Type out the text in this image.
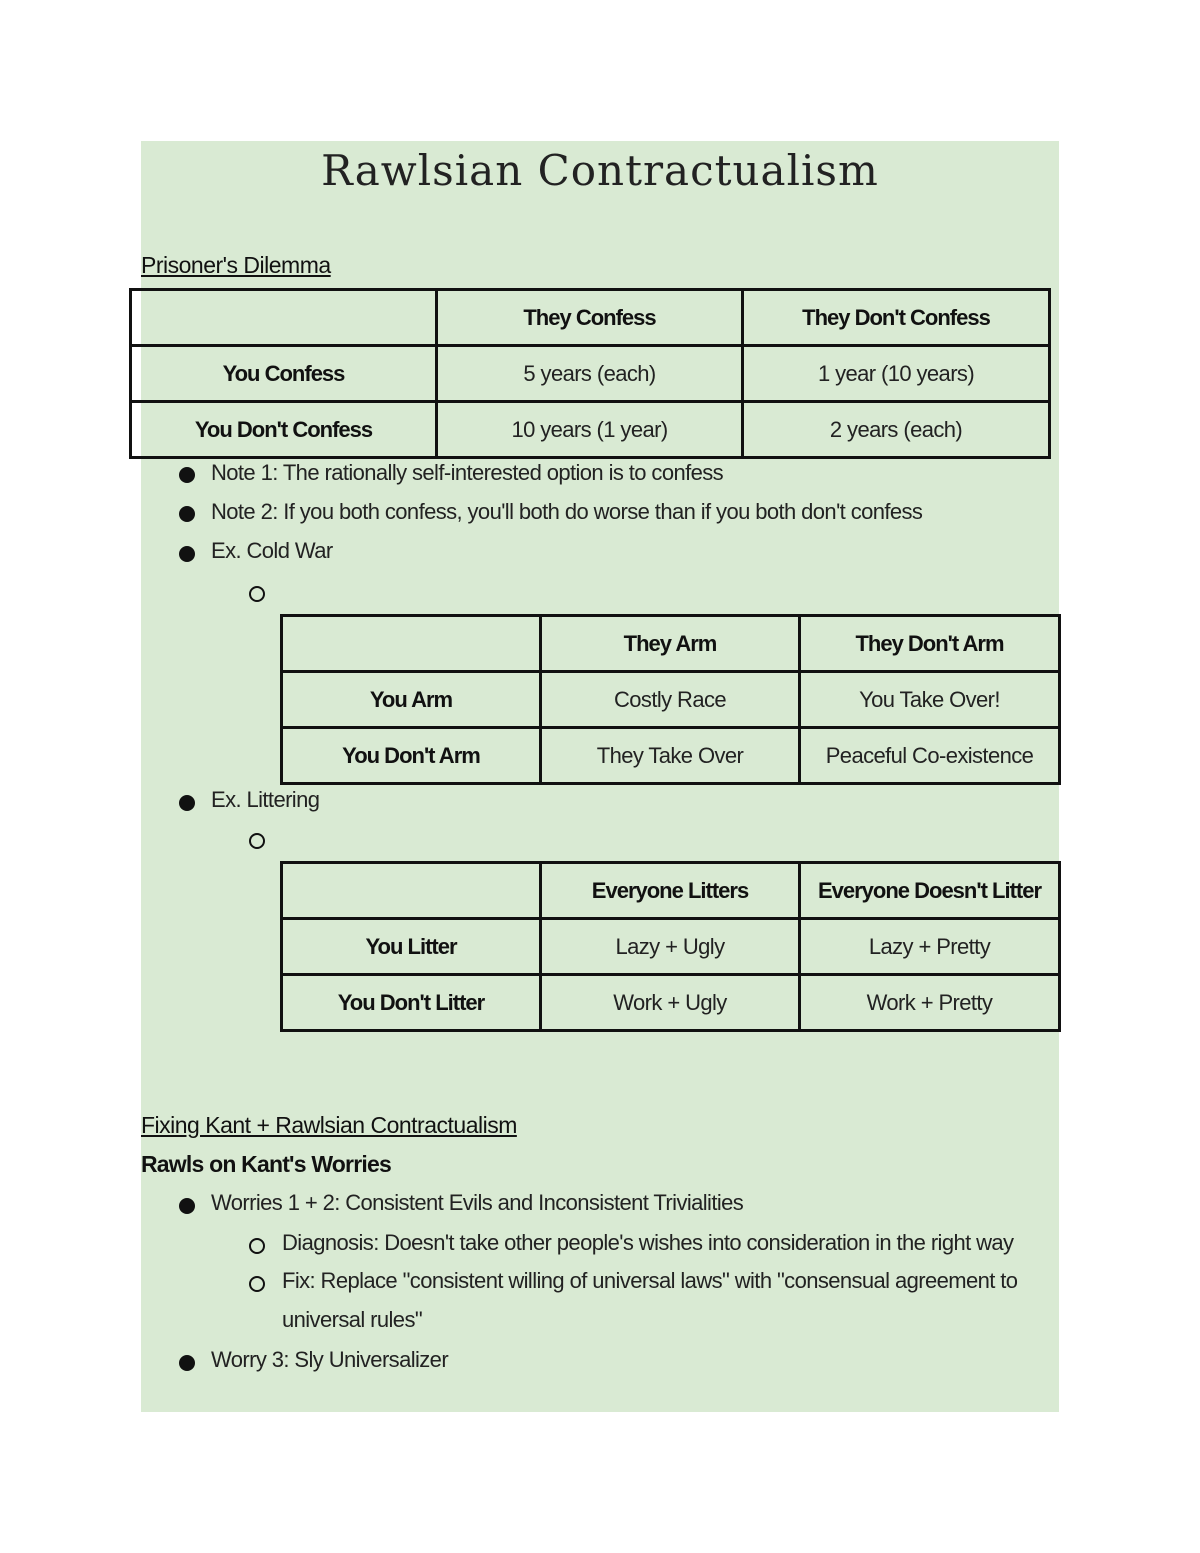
Rawlsian Contractualism
Prisoner's Dilemma
	They Confess	They Don't Confess
You Confess	5 years (each)	1 year (10 years)
You Don't Confess	10 years (1 year)	2 years (each)
Note 1: The rationally self-interested option is to confess
Note 2: If you both confess, you'll both do worse than if you both don't confess
Ex. Cold War
	They Arm	They Don't Arm
You Arm	Costly Race	You Take Over!
You Don't Arm	They Take Over	Peaceful Co-existence
Ex. Littering
	Everyone Litters	Everyone Doesn't Litter
You Litter	Lazy + Ugly	Lazy + Pretty
You Don't Litter	Work + Ugly	Work + Pretty
Fixing Kant + Rawlsian Contractualism
Rawls on Kant's Worries
Worries 1 + 2: Consistent Evils and Inconsistent Trivialities
Diagnosis: Doesn't take other people's wishes into consideration in the right way
Fix: Replace "consistent willing of universal laws" with "consensual agreement to
universal rules"
Worry 3: Sly Universalizer
